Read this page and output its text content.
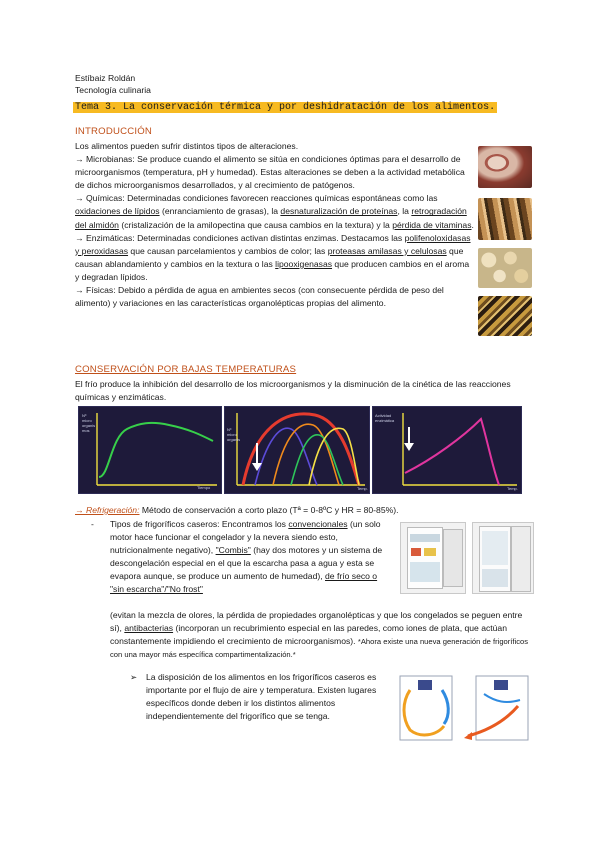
Estíbaiz Roldán
Tecnología culinaria
Tema 3. La conservación térmica y por deshidratación de los alimentos.
INTRODUCCIÓN

Los alimentos pueden sufrir distintos tipos de alteraciones.

→ Microbianas: Se produce cuando el alimento se sitúa en condiciones óptimas para el desarrollo de microorganismos (temperatura, pH y humedad). Estas alteraciones se deben a la actividad metabólica de dichos microorganismos desarrollados, y al crecimiento de patógenos.

→ Químicas: Determinadas condiciones favorecen reacciones químicas espontáneas como las oxidaciones de lípidos (enranciamiento de grasas), la desnaturalización de proteínas, la retrogradación del almidón (cristalización de la amilopectina que causa cambios en la textura) y la pérdida de vitaminas.

→ Enzimáticas: Determinadas condiciones activan distintas enzimas. Destacamos las polifenoloxidasas y peroxidasas que causan parcelamientos y cambios de color; las proteasas amilasas y celulosas que causan ablandamiento y cambios en la textura o las lipooxigenasas que producen cambios en el aroma y degradan lípidos.

→ Físicas: Debido a pérdida de agua en ambientes secos (con consecuente pérdida de peso del alimento) y variaciones en las características organolépticas propias del alimento.

CONSERVACIÓN POR BAJAS TEMPERATURAS
El frío produce la inhibición del desarrollo de los microorganismos y la disminución de la cinética de las reacciones químicas y enzimáticas.
Nº micro organis mos
Tiempo
Nº micro organis
Temp.
Actividad enzimática
Temp.
→ Refrigeración: Método de conservación a corto plazo (Tª = 0-8ºC y HR = 80-85%).
- Tipos de frigoríficos caseros: Encontramos los convencionales (un solo motor hace funcionar el congelador y la nevera siendo esto, nutricionalmente negativo), "Combis" (hay dos motores y un sistema de descongelación especial en el que la escarcha pasa a agua y esta se evapora aunque, se produce un aumento de humedad), de frío seco o "sin escarcha"/"No frost"
(evitan la mezcla de olores, la pérdida de propiedades organolépticas y que los congelados se peguen entre sí), antibacterias (incorporan un recubrimiento especial en las paredes, como iones de plata, que actúan constantemente impidiendo el crecimiento de microorganismos). *Ahora existe una nueva generación de frigoríficos con una mayor más específica compartimentalización.*
➢ La disposición de los alimentos en los frigoríficos caseros es importante por el flujo de aire y temperatura. Existen lugares específicos donde deben ir los distintos alimentos independientemente del frigorífico que se tenga.
